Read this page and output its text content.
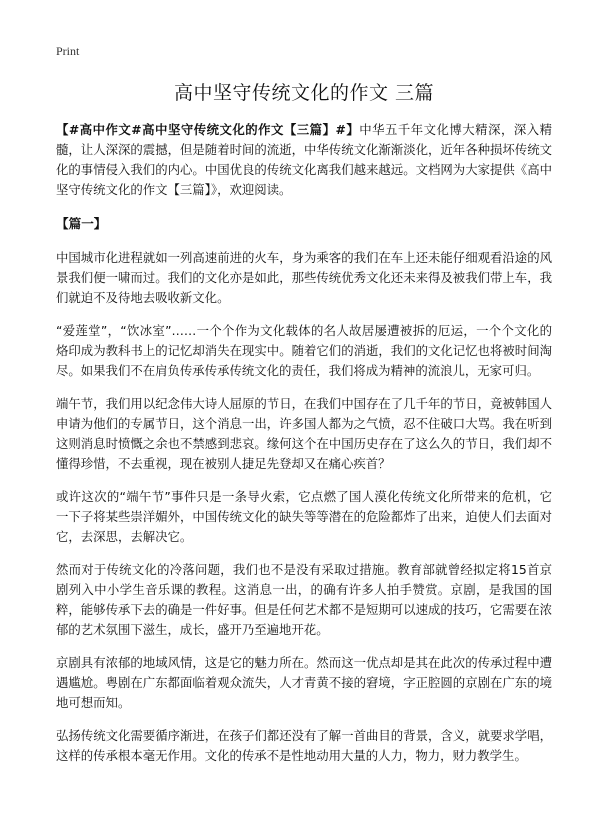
Print
高中坚守传统文化的作文 三篇

【#高中作文#高中坚守传统文化的作文【三篇】#】中华五千年文化博大精深，深入精髓，让人深深的震撼，但是随着时间的流逝，中华传统文化渐渐淡化，近年各种损坏传统文化的事情侵入我们的内心。中国优良的传统文化离我们越来越远。文档网为大家提供《高中坚守传统文化的作文【三篇】》，欢迎阅读。

【篇一】

中国城市化进程就如一列高速前进的火车，身为乘客的我们在车上还未能仔细观看沿途的风景我们便一啸而过。我们的文化亦是如此，那些传统优秀文化还未来得及被我们带上车，我们就迫不及待地去吸收新文化。

“爱莲堂”，“饮冰室”……一个个作为文化载体的名人故居屡遭被拆的厄运，一个个文化的烙印成为教科书上的记忆却消失在现实中。随着它们的消逝，我们的文化记忆也将被时间淘尽。如果我们不在肩负传承传承传统文化的责任，我们将成为精神的流浪儿，无家可归。

端午节，我们用以纪念伟大诗人屈原的节日，在我们中国存在了几千年的节日，竟被韩国人申请为他们的专属节日，这个消息一出，许多国人都为之气愤，忍不住破口大骂。我在听到这则消息时愤慨之余也不禁感到悲哀。缘何这个在中国历史存在了这么久的节日，我们却不懂得珍惜，不去重视，现在被别人捷足先登却又在痛心疾首？

或许这次的“端午节”事件只是一条导火索，它点燃了国人漠化传统文化所带来的危机，它一下子将某些崇洋媚外，中国传统文化的缺失等等潜在的危险都炸了出来，迫使人们去面对它，去深思，去解决它。

然而对于传统文化的冷落问题，我们也不是没有采取过措施。教育部就曾经拟定将15首京剧列入中小学生音乐课的教程。这消息一出，的确有许多人拍手赞赏。京剧，是我国的国粹，能够传承下去的确是一件好事。但是任何艺术都不是短期可以速成的技巧，它需要在浓郁的艺术氛围下滋生，成长，盛开乃至遍地开花。

京剧具有浓郁的地域风情，这是它的魅力所在。然而这一优点却是其在此次的传承过程中遭遇尴尬。粤剧在广东都面临着观众流失，人才青黄不接的窘境，字正腔圆的京剧在广东的境地可想而知。

弘扬传统文化需要循序渐进，在孩子们都还没有了解一首曲目的背景，含义，就要求学唱，这样的传承根本毫无作用。文化的传承不是性地动用大量的人力，物力，财力教学生。
